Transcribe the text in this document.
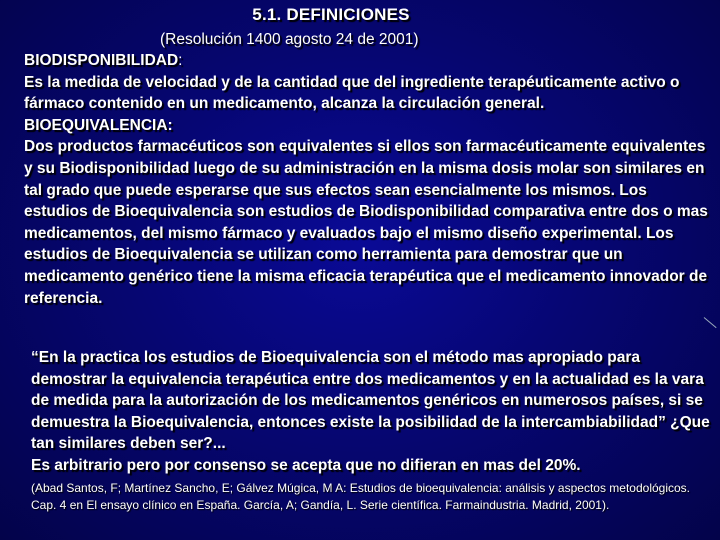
5.1. DEFINICIONES
(Resolución 1400 agosto 24 de 2001)

BIODISPONIBILIDAD:

Es la medida de velocidad y de la cantidad que del ingrediente terapéuticamente activo o fármaco contenido en un medicamento, alcanza la circulación general.

BIOEQUIVALENCIA:

Dos productos farmacéuticos son equivalentes si ellos son farmacéuticamente equivalentes y su Biodisponibilidad luego de su administración en la misma dosis molar son similares en tal grado que puede esperarse que sus efectos sean esencialmente los mismos. Los estudios de Bioequivalencia son estudios de Biodisponibilidad comparativa entre dos o mas medicamentos, del mismo fármaco y evaluados bajo el mismo diseño experimental. Los estudios de Bioequivalencia se utilizan como herramienta para demostrar que un medicamento genérico tiene la misma eficacia terapéutica que el medicamento innovador de referencia.

“En la practica los estudios de Bioequivalencia son el método mas apropiado para demostrar la equivalencia terapéutica entre dos medicamentos y en la actualidad es la vara de medida para la autorización de los medicamentos genéricos en numerosos países, si se demuestra la Bioequivalencia, entonces existe la posibilidad de la intercambiabilidad” ¿Que tan similares deben ser?...

Es arbitrario pero por consenso se acepta que no difieran en mas del 20%.

(Abad Santos, F; Martínez Sancho, E; Gálvez Múgica, M A: Estudios de bioequivalencia: análisis y aspectos metodológicos. Cap. 4 en El ensayo clínico en España. García, A; Gandía, L. Serie científica. Farmaindustria. Madrid, 2001).
